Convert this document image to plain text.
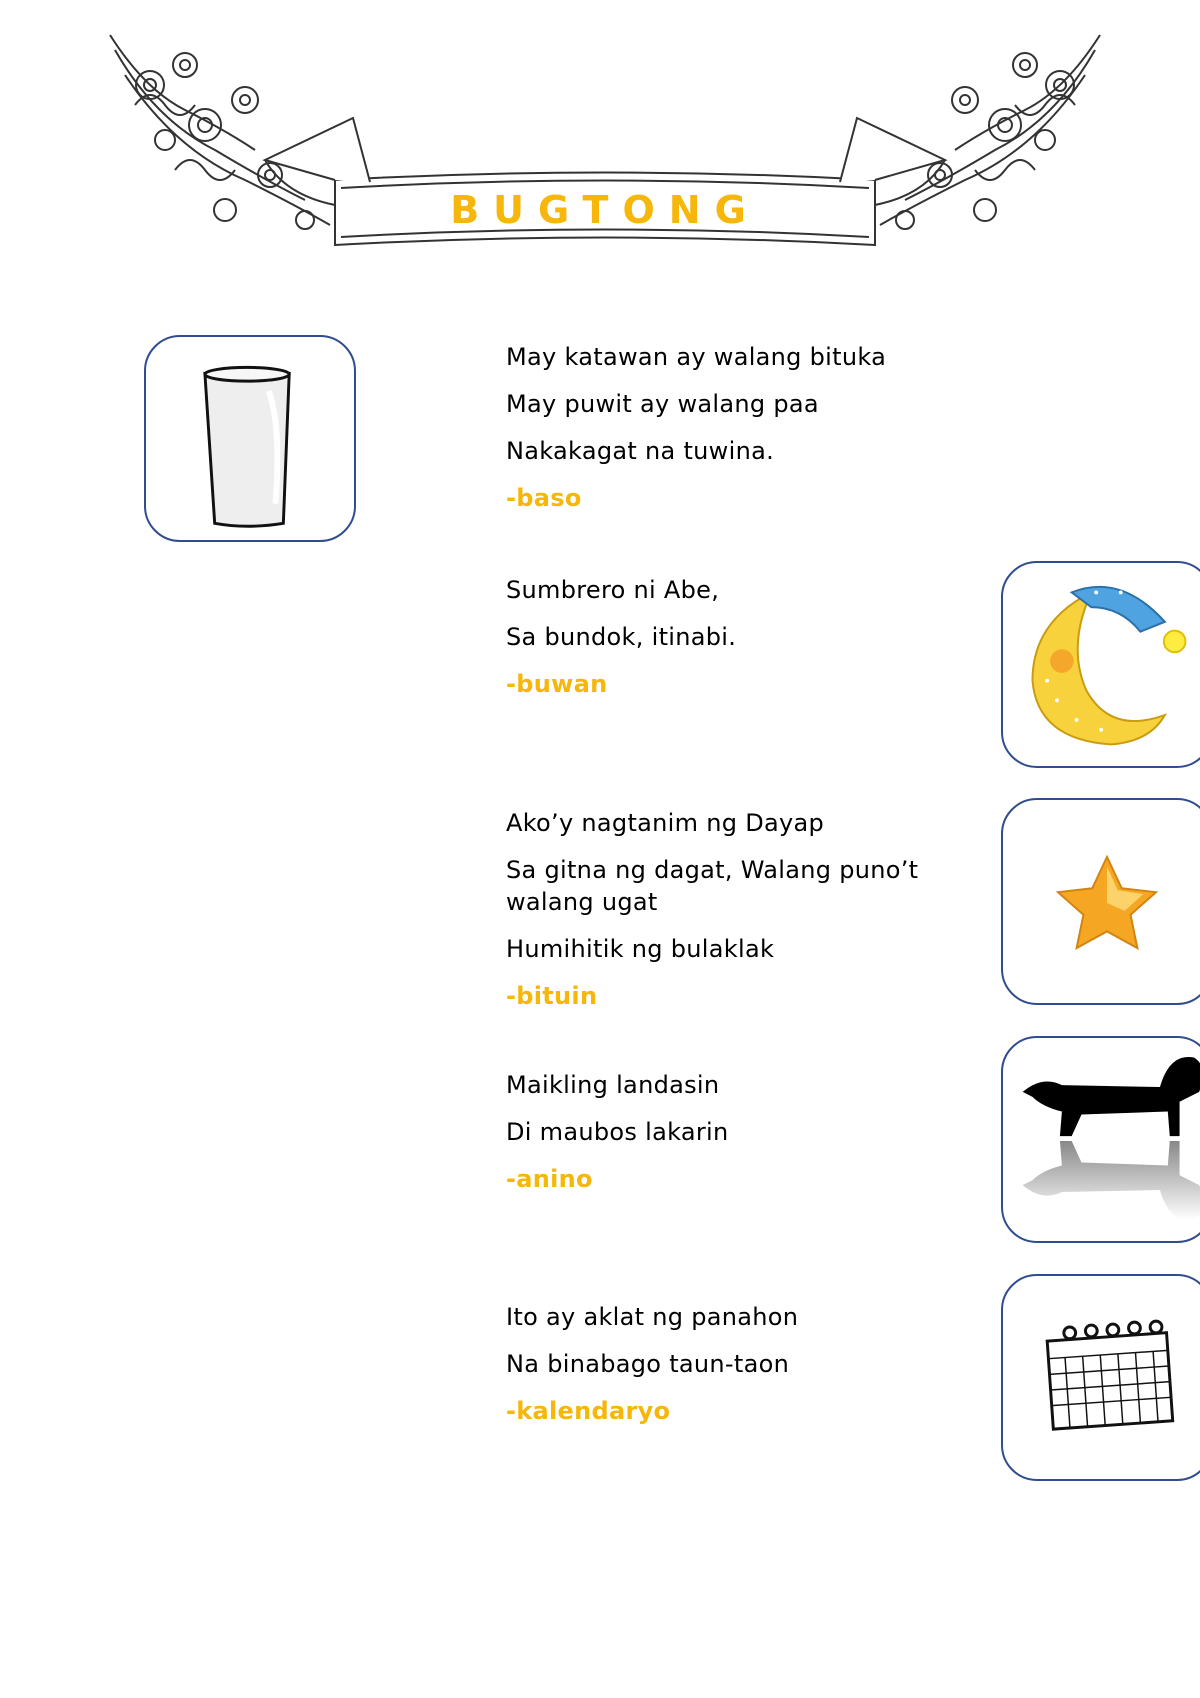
BUGTONG

May katawan ay walang bituka

May puwit ay walang paa

Nakakagat na tuwina.

-baso

Sumbrero ni Abe,

Sa bundok, itinabi.

-buwan

Ako’y nagtanim ng Dayap

Sa gitna ng dagat, Walang puno’t walang ugat

Humihitik ng bulaklak

-bituin

Maikling landasin

Di maubos lakarin

-anino

Ito ay aklat ng panahon

Na binabago taun-taon

-kalendaryo
